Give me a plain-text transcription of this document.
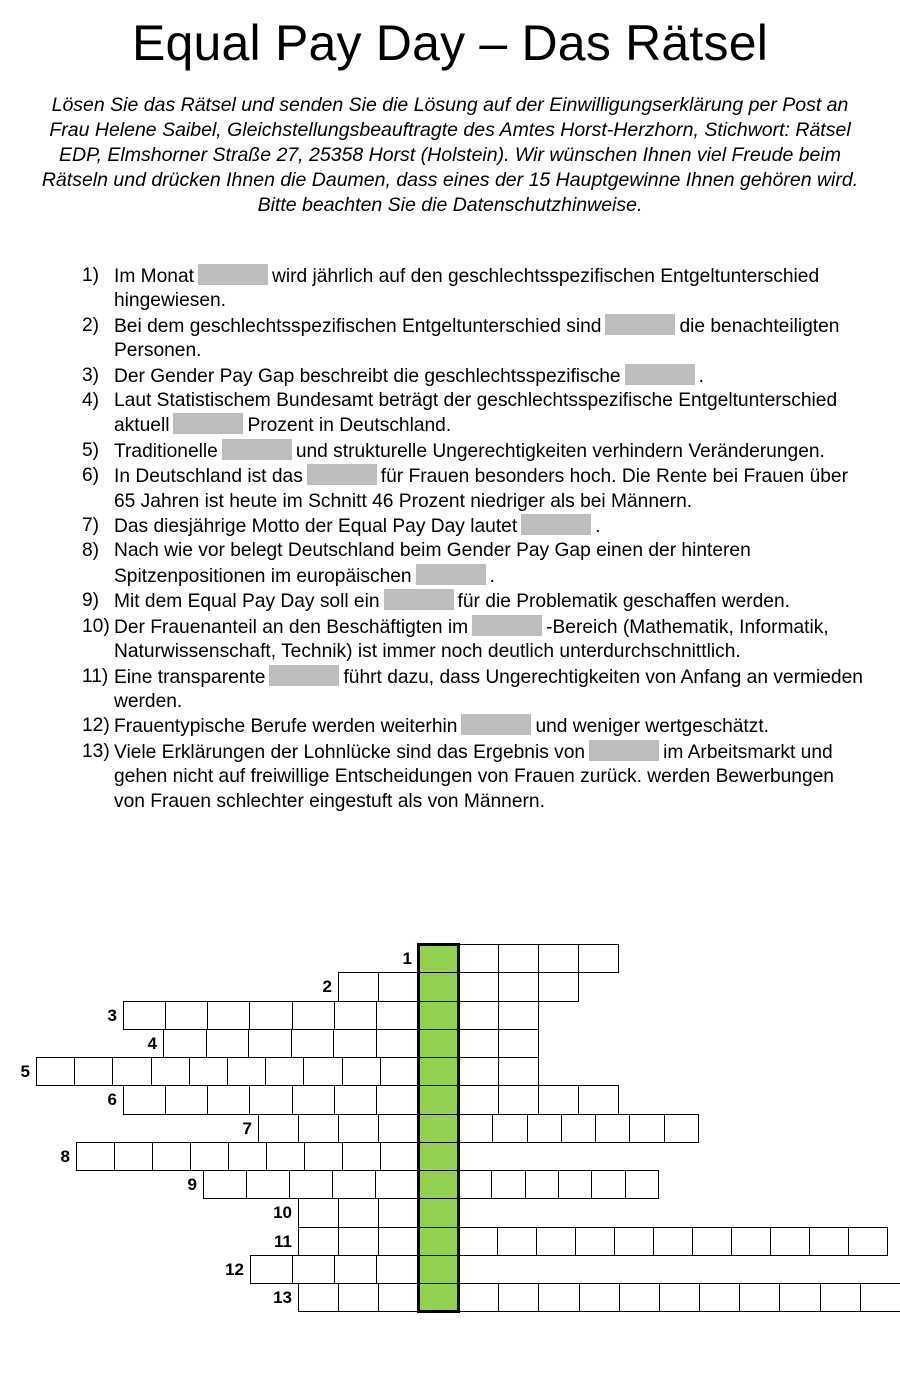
Equal Pay Day – Das Rätsel

Lösen Sie das Rätsel und senden Sie die Lösung auf der Einwilligungserklärung per Post an Frau Helene Saibel, Gleichstellungsbeauftragte des Amtes Horst-Herzhorn, Stichwort: Rätsel EDP, Elmshorner Straße 27, 25358 Horst (Holstein). Wir wünschen Ihnen viel Freude beim Rätseln und drücken Ihnen die Daumen, dass eines der 15 Hauptgewinne Ihnen gehören wird. Bitte beachten Sie die Datenschutzhinweise.

1) Im Monat	wird jährlich auf den geschlechtsspezifischen Entgeltunterschied hingewiesen.
2) Bei dem geschlechtsspezifischen Entgeltunterschied sind	die benachteiligten Personen.
3) Der Gender Pay Gap beschreibt die geschlechtsspezifische	.
4) Laut Statistischem Bundesamt beträgt der geschlechtsspezifische Entgeltunterschied aktuell	Prozent in Deutschland.
5) Traditionelle	und strukturelle Ungerechtigkeiten verhindern Veränderungen.
6) In Deutschland ist das	für Frauen besonders hoch. Die Rente bei Frauen über 65 Jahren ist heute im Schnitt 46 Prozent niedriger als bei Männern.
7) Das diesjährige Motto der Equal Pay Day lautet	.
8) Nach wie vor belegt Deutschland beim Gender Pay Gap einen der hinteren Spitzenpositionen im europäischen	.
9) Mit dem Equal Pay Day soll ein	für die Problematik geschaffen werden.
10) Der Frauenanteil an den Beschäftigten im	-Bereich (Mathematik, Informatik, Naturwissenschaft, Technik) ist immer noch deutlich unterdurchschnittlich.
11) Eine transparente	führt dazu, dass Ungerechtigkeiten von Anfang an vermieden werden.
12) Frauentypische Berufe werden weiterhin	und weniger wertgeschätzt.
13) Viele Erklärungen der Lohnlücke sind das Ergebnis von	im Arbeitsmarkt und gehen nicht auf freiwillige Entscheidungen von Frauen zurück. werden Bewerbungen von Frauen schlechter eingestuft als von Männern.
1
2
3
4
5
6
7
8
9
10
11
12
13
